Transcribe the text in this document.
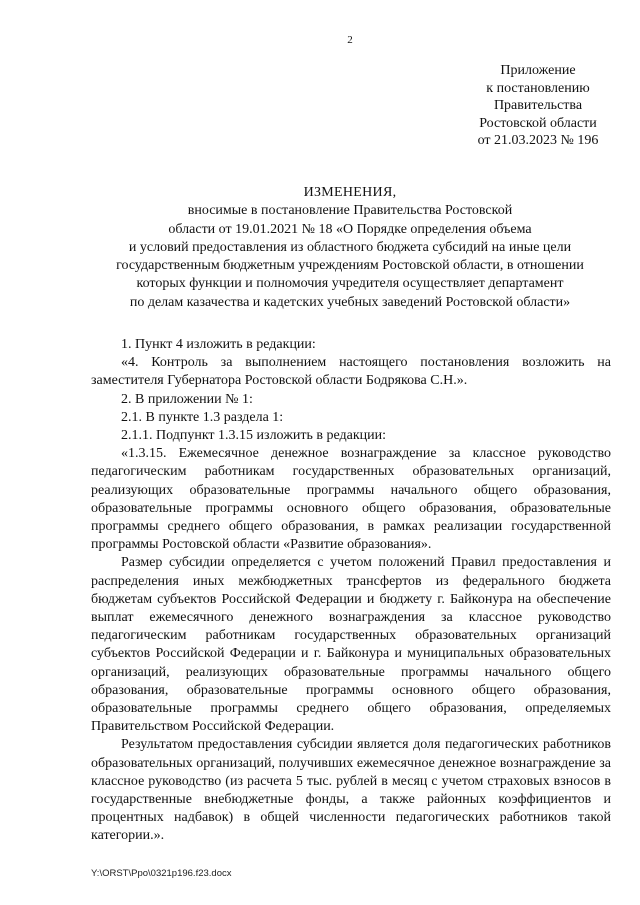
2
Приложение
к постановлению
Правительства
Ростовской области
от 21.03.2023 № 196
ИЗМЕНЕНИЯ,
вносимые в постановление Правительства Ростовской
области от 19.01.2021 № 18 «О Порядке определения объема
и условий предоставления из областного бюджета субсидий на иные цели
государственным бюджетным учреждениям Ростовской области, в отношении
которых функции и полномочия учредителя осуществляет департамент
по делам казачества и кадетских учебных заведений Ростовской области»

1. Пункт 4 изложить в редакции:

«4. Контроль за выполнением настоящего постановления возложить на заместителя Губернатора Ростовской области Бодрякова С.Н.».

2. В приложении № 1:

2.1. В пункте 1.3 раздела 1:

2.1.1. Подпункт 1.3.15 изложить в редакции:

«1.3.15. Ежемесячное денежное вознаграждение за классное руководство педагогическим работникам государственных образовательных организаций, реализующих образовательные программы начального общего образования, образовательные программы основного общего образования, образовательные программы среднего общего образования, в рамках реализации государственной программы Ростовской области «Развитие образования».

Размер субсидии определяется с учетом положений Правил предоставления и распределения иных межбюджетных трансфертов из федерального бюджета бюджетам субъектов Российской Федерации и бюджету г. Байконура на обеспечение выплат ежемесячного денежного вознаграждения за классное руководство педагогическим работникам государственных образовательных организаций субъектов Российской Федерации и г. Байконура и муниципальных образовательных организаций, реализующих образовательные программы начального общего образования, образовательные программы основного общего образования, образовательные программы среднего общего образования, определяемых Правительством Российской Федерации.

Результатом предоставления субсидии является доля педагогических работников образовательных организаций, получивших ежемесячное денежное вознаграждение за классное руководство (из расчета 5 тыс. рублей в месяц с учетом страховых взносов в государственные внебюджетные фонды, а также районных коэффициентов и процентных надбавок) в общей численности педагогических работников такой категории.».

Y:\ORST\Ppo\0321p196.f23.docx
